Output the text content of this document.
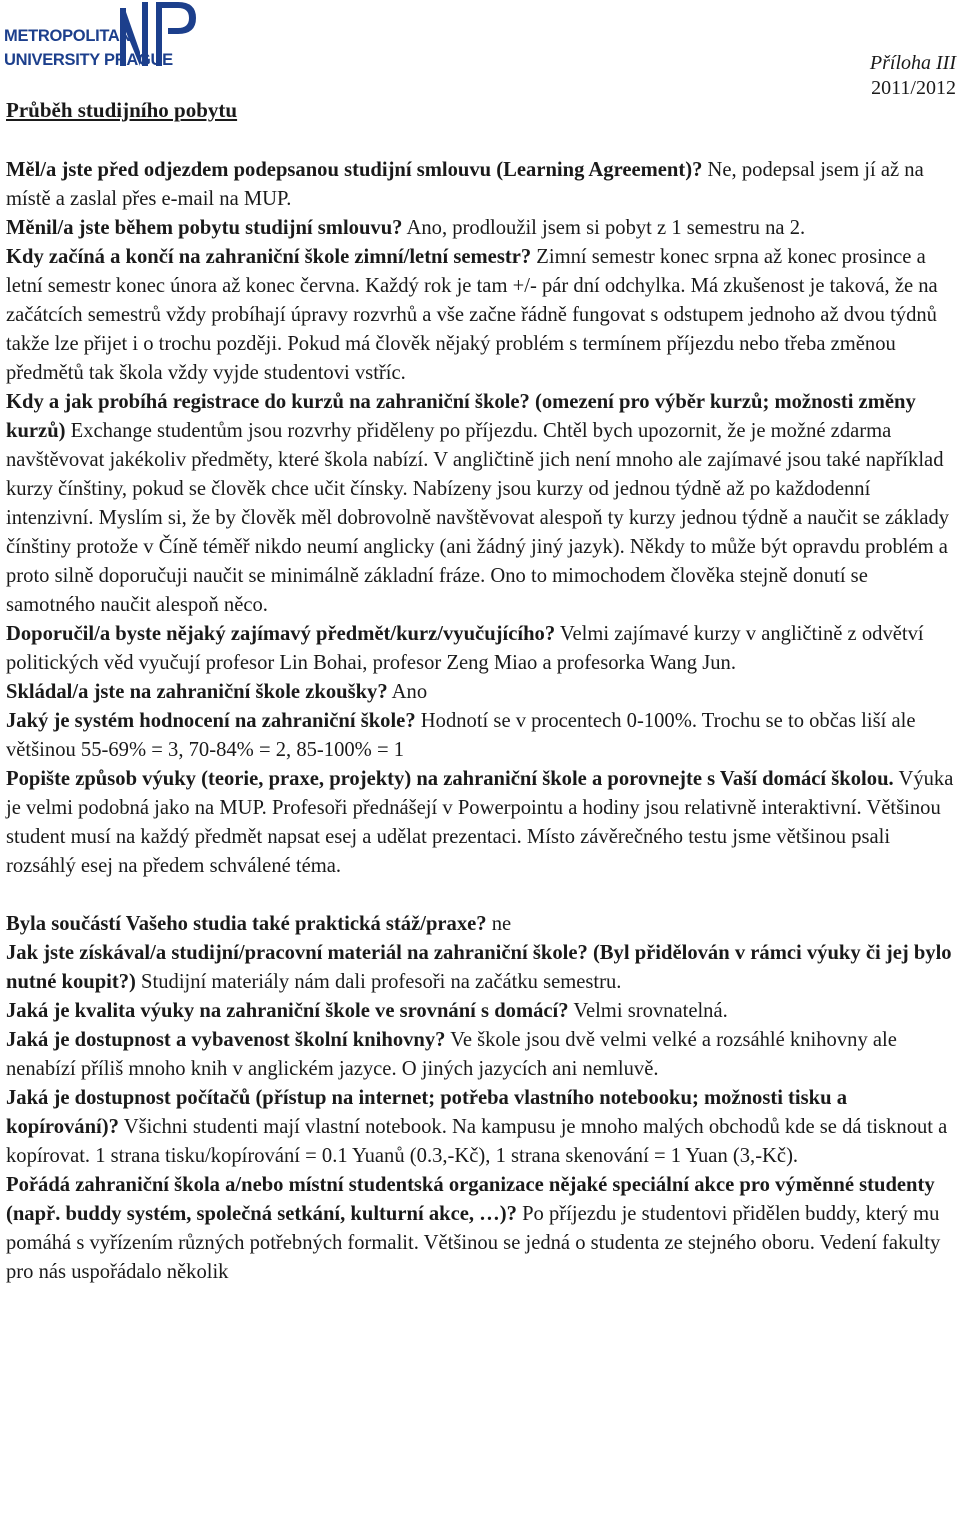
METROPOLITAN
UNIVERSITY PRAGUE	Příloha III
2011/2012
Průběh studijního pobytu

Měl/a jste před odjezdem podepsanou studijní smlouvu (Learning Agreement)? Ne, podepsal jsem jí až na místě a zaslal přes e-mail na MUP.

Měnil/a jste během pobytu studijní smlouvu? Ano, prodloužil jsem si pobyt z 1 semestru na 2.

Kdy začíná a končí na zahraniční škole zimní/letní semestr? Zimní semestr konec srpna až konec prosince a letní semestr konec února až konec června. Každý rok je tam +/- pár dní odchylka. Má zkušenost je taková, že na začátcích semestrů vždy probíhají úpravy rozvrhů a vše začne řádně fungovat s odstupem jednoho až dvou týdnů takže lze přijet i o trochu později. Pokud má člověk nějaký problém s termínem příjezdu nebo třeba změnou předmětů tak škola vždy vyjde studentovi vstříc.

Kdy a jak probíhá registrace do kurzů na zahraniční škole? (omezení pro výběr kurzů; možnosti změny kurzů) Exchange studentům jsou rozvrhy přiděleny po příjezdu. Chtěl bych upozornit, že je možné zdarma navštěvovat jakékoliv předměty, které škola nabízí. V angličtině jich není mnoho ale zajímavé jsou také například kurzy čínštiny, pokud se člověk chce učit čínsky. Nabízeny jsou kurzy od jednou týdně až po každodenní intenzivní. Myslím si, že by člověk měl dobrovolně navštěvovat alespoň ty kurzy jednou týdně a naučit se základy čínštiny protože v Číně téměř nikdo neumí anglicky (ani žádný jiný jazyk). Někdy to může být opravdu problém a proto silně doporučuji naučit se minimálně základní fráze. Ono to mimochodem člověka stejně donutí se samotného naučit alespoň něco.

Doporučil/a byste nějaký zajímavý předmět/kurz/vyučujícího? Velmi zajímavé kurzy v angličtině z odvětví politických věd vyučují profesor Lin Bohai, profesor Zeng Miao a profesorka Wang Jun.

Skládal/a jste na zahraniční škole zkoušky? Ano

Jaký je systém hodnocení na zahraniční škole? Hodnotí se v procentech 0-100%. Trochu se to občas liší ale většinou 55-69% = 3, 70-84% = 2, 85-100% = 1

Popište způsob výuky (teorie, praxe, projekty) na zahraniční škole a porovnejte s Vaší domácí školou. Výuka je velmi podobná jako na MUP. Profesoři přednášejí v Powerpointu a hodiny jsou relativně interaktivní. Většinou student musí na každý předmět napsat esej a udělat prezentaci. Místo závěrečného testu jsme většinou psali rozsáhlý esej na předem schválené téma.

Byla součástí Vašeho studia také praktická stáž/praxe? ne

Jak jste získával/a studijní/pracovní materiál na zahraniční škole? (Byl přidělován v rámci výuky či jej bylo nutné koupit?) Studijní materiály nám dali profesoři na začátku semestru.

Jaká je kvalita výuky na zahraniční škole ve srovnání s domácí? Velmi srovnatelná.

Jaká je dostupnost a vybavenost školní knihovny? Ve škole jsou dvě velmi velké a rozsáhlé knihovny ale nenabízí příliš mnoho knih v anglickém jazyce. O jiných jazycích ani nemluvě.

Jaká je dostupnost počítačů (přístup na internet; potřeba vlastního notebooku; možnosti tisku a kopírování)? Všichni studenti mají vlastní notebook. Na kampusu je mnoho malých obchodů kde se dá tisknout a kopírovat. 1 strana tisku/kopírování = 0.1 Yuanů (0.3,-Kč), 1 strana skenování = 1 Yuan (3,-Kč).

Pořádá zahraniční škola a/nebo místní studentská organizace nějaké speciální akce pro výměnné studenty (např. buddy systém, společná setkání, kulturní akce, …)? Po příjezdu je studentovi přidělen buddy, který mu pomáhá s vyřízením různých potřebných formalit. Většinou se jedná o studenta ze stejného oboru. Vedení fakulty pro nás uspořádalo několik
